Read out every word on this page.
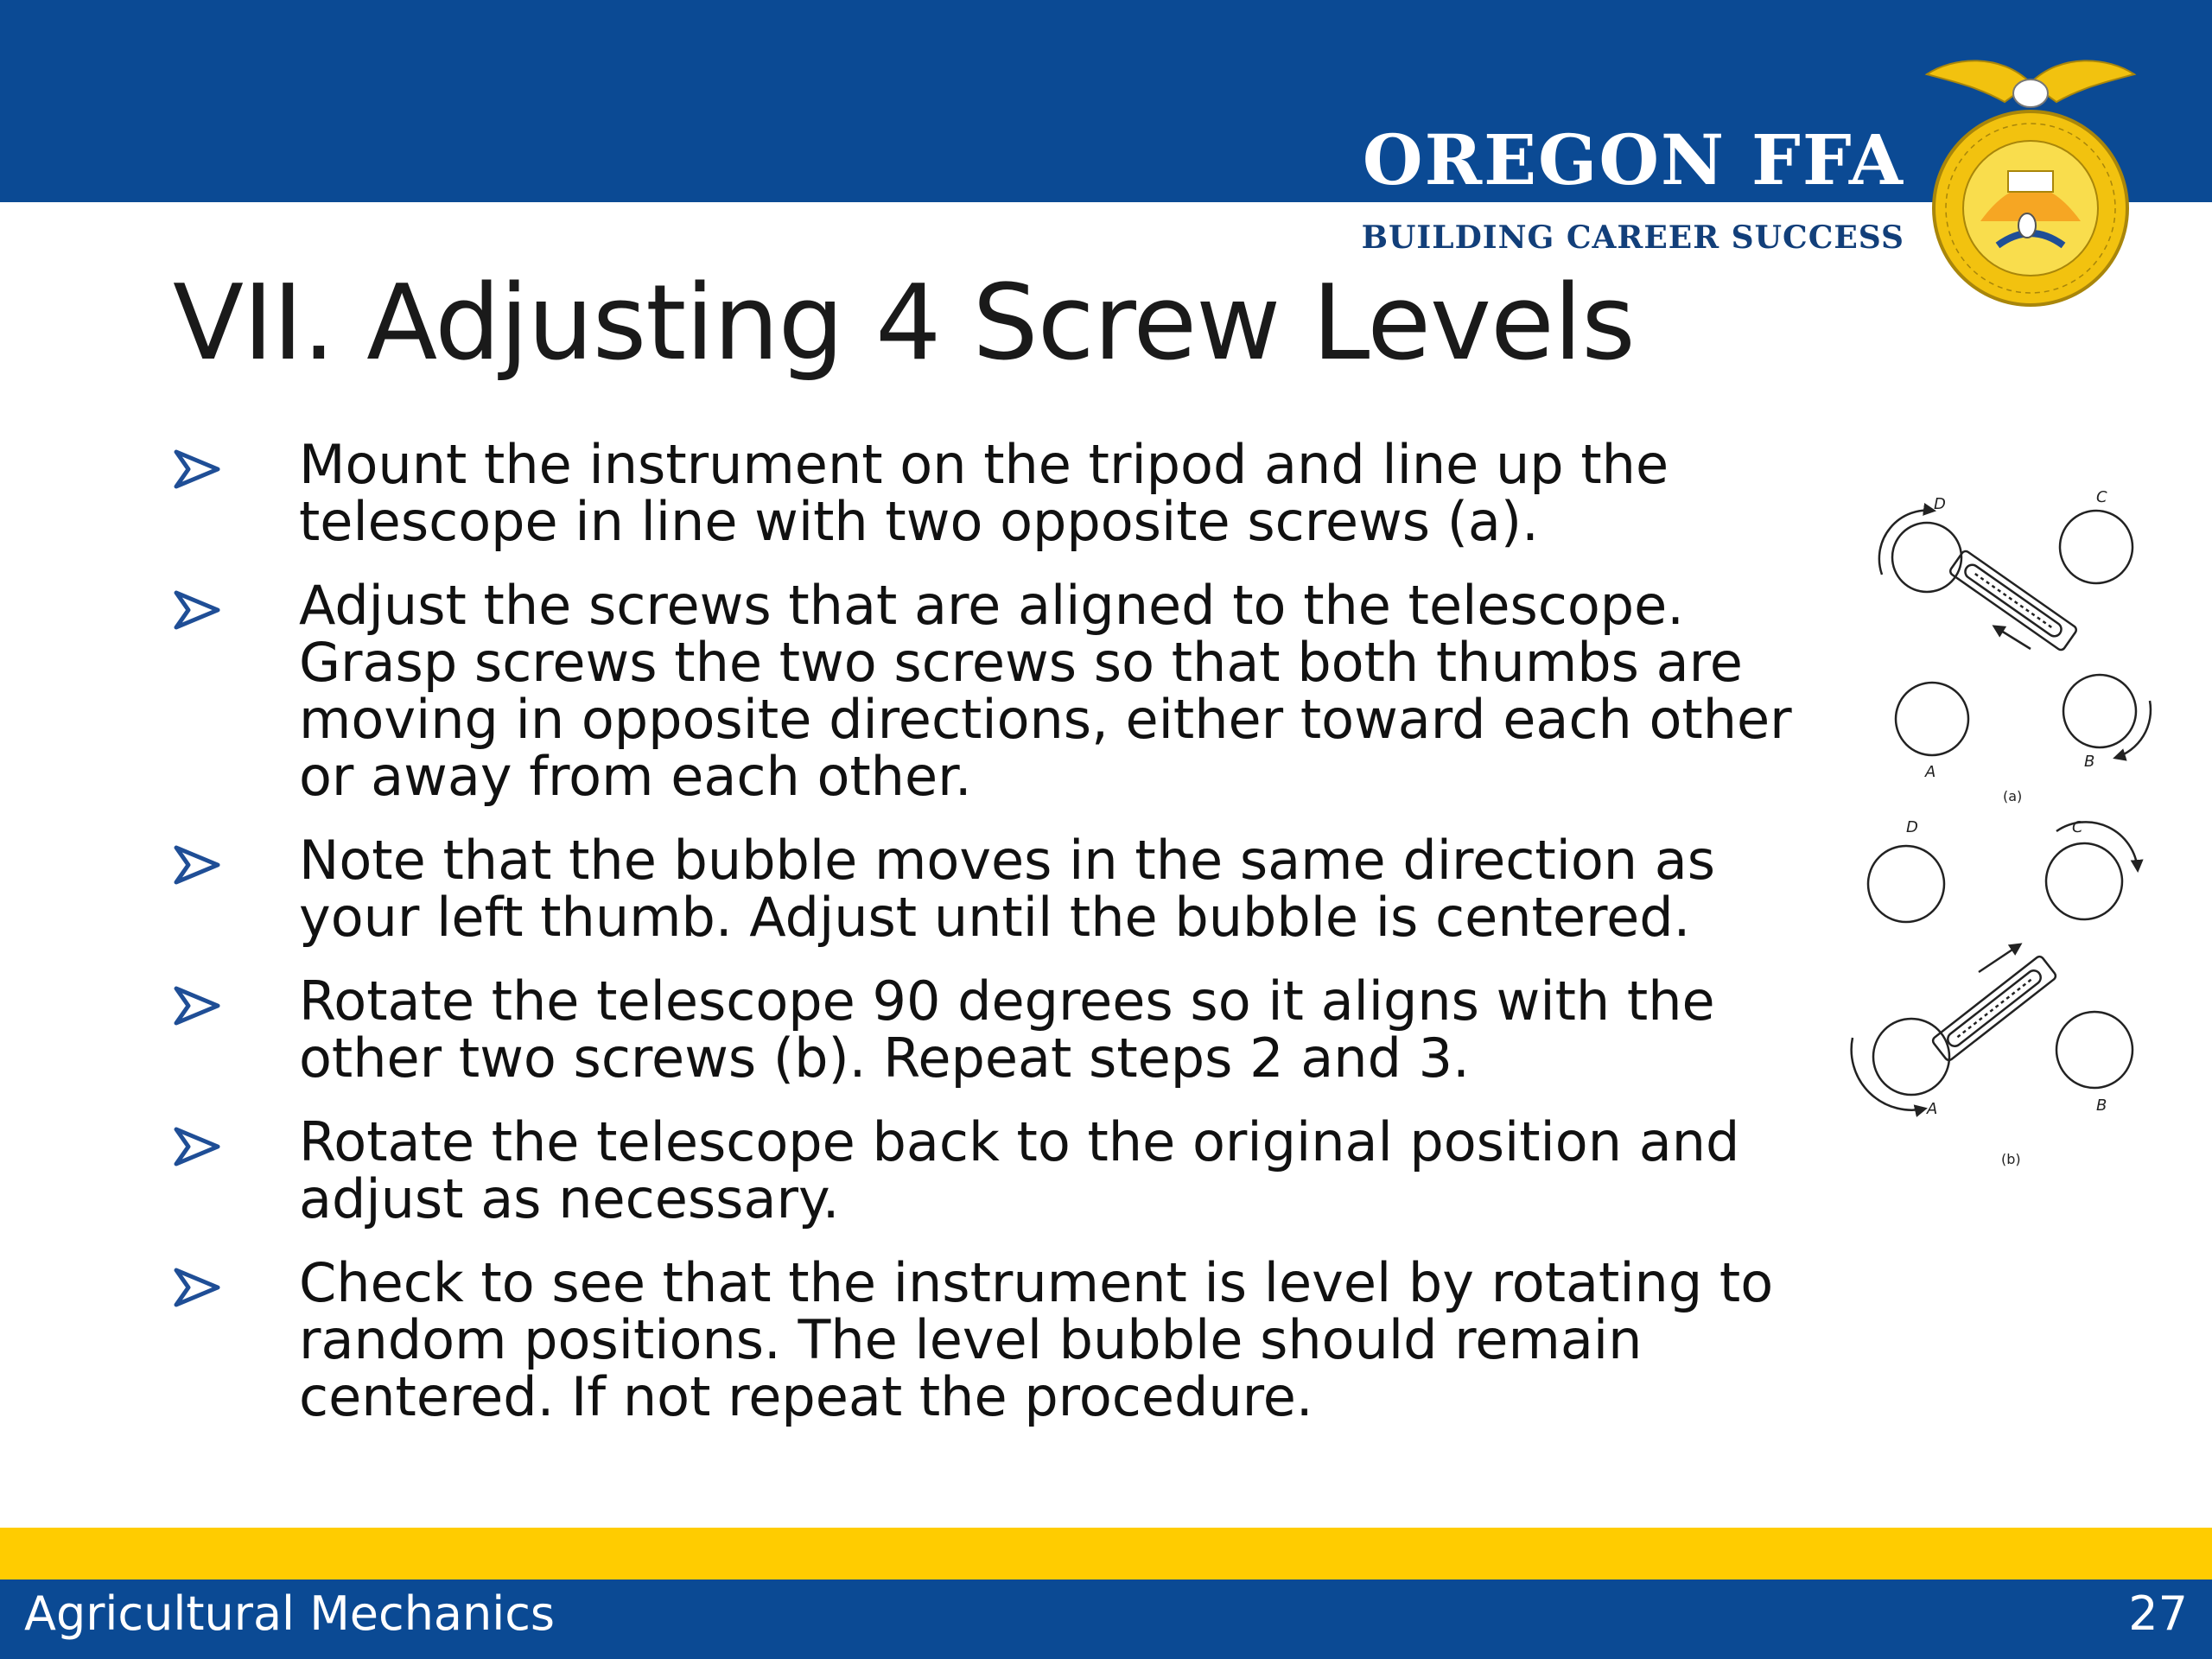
OREGON FFA
BUILDING CAREER SUCCESS
VII. Adjusting 4 Screw Levels
Mount the instrument on the tripod and line up the telescope in line with two opposite screws (a).
Adjust the screws that are aligned to the telescope. Grasp screws the two screws so that both thumbs are moving in opposite directions, either toward each other or away from each other.
Note that the bubble moves in the same direction as your left thumb. Adjust until the bubble is centered.
Rotate the telescope 90 degrees so it aligns with the other two screws (b). Repeat steps 2 and 3.
Rotate the telescope back to the original position and adjust as necessary.
Check to see that the instrument is level by rotating to random positions. The level bubble should remain centered. If not repeat the procedure.
D	C
A
B
(a)
D	C
A	B
(b)
Agricultural Mechanics	27
